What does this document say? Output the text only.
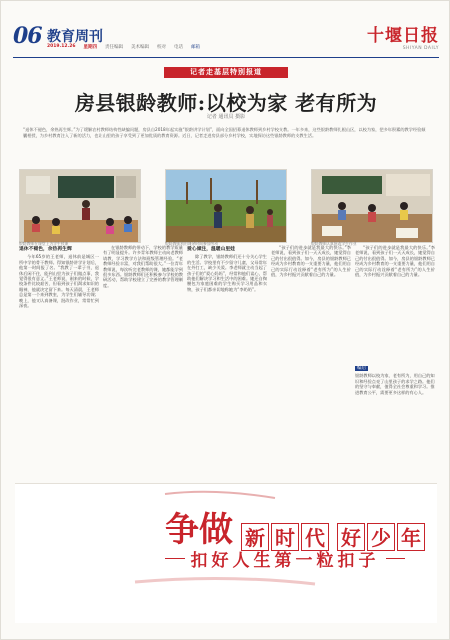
06 教育周刊
2019.12.26 星期四 责任编辑 美术编辑 校对 电话 邮箱
十堰日报
SHIYAN DAILY
记者走基层特别报道
房县银龄教师:以校为家 老有所为
记者 通讯员 摄影
“退休不褪色，余热再生辉。”为了缓解农村教师结构性缺编问题，房县自2018年起实施“银龄讲学计划”，面向全国招募退休教师到乡村学校支教。一年多来，这些银龄教师扎根山区，以校为家，把多年积累的教学经验倾囊相授，为乡村教育注入了新的活力，也让山里的孩子享受到了更加优质的教育资源。近日，记者走进房县部分乡村学校，实地探访这些银龄教师的支教生活。
银龄教师在课堂上为学生授课	银龄教师利用课余时间参加劳动	银龄教师认真批改学生作业
退休不褪色，余热再生辉

今年65岁的王老师，退休前是城区一所中学的骨干教师。得知银龄讲学计划后，他第一时间报了名。“我教了一辈子书，退休后闲不住，能到山里为孩子们做点事，我觉得很有意义。”王老师说，刚来的时候，学校条件比较艰苦，但看到孩子们渴求知识的眼神，他就决定留下来。每天清晨，王老师总是第一个来到教室，为学生们辅导功课；晚上，他又认真备课，批改作业，常常忙到深夜。

在银龄教师的带动下，学校的教学质量有了明显提升。许多青年教师主动向老教师请教，学习教学方法和班级管理经验。“老教师经验丰富，对我们帮助很大。”一位青年教师说，每次听完老教师的课，她都能学到很多东西。银龄教师们还积极参与学校的教研活动，帮助学校建立了完善的教学管理制度。

爱心倾注，温暖山里娃

除了教学，银龄教师们还十分关心学生的生活。学校里有不少留守儿童，父母常年在外打工，缺少关爱。李老师就主动当起了孩子们的“爱心妈妈”，经常和他们谈心，帮助他们解决学习和生活中的困难。她还自掏腰包为家庭困难的学生购买学习用品和衣物，孩子们都亲切地称她为“李奶奶”。

“孩子们的进步就是我最大的快乐。”李老师说，看到孩子们一天天成长，她觉得自己的付出很值得。如今，房县的银龄教师已经成为乡村教育的一支重要力量，他们用自己的实际行动诠释着“老有所为”的人生价值，为乡村振兴贡献着自己的力量。

“孩子们的进步就是我最大的快乐。”李老师说，看到孩子们一天天成长，她觉得自己的付出很值得。如今，房县的银龄教师已经成为乡村教育的一支重要力量，他们用自己的实际行动诠释着“老有所为”的人生价值，为乡村振兴贡献着自己的力量。

编后
银龄教师以校为家、老有所为，用自己的知识和经验点亮了山里孩子的求学之路。他们的坚守与奉献，值得全社会尊重和学习。推进教育公平，需要更多这样的有心人。
争做 新 时 代 好 少 年
扣好人生第一粒扣子
